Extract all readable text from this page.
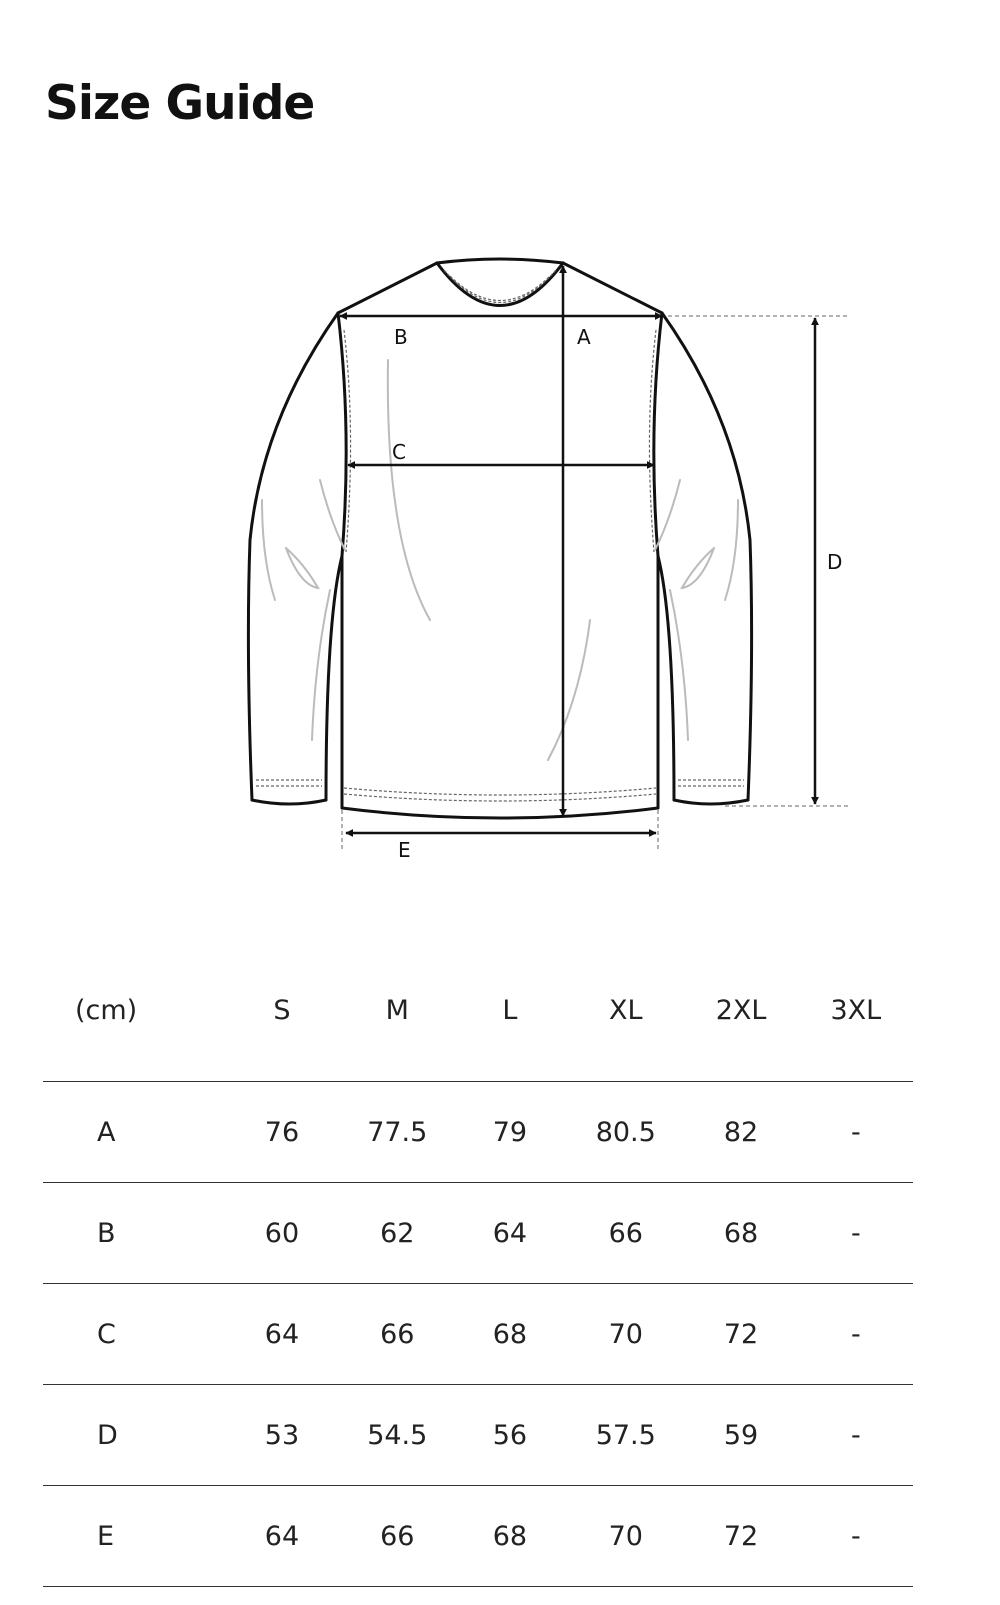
Size Guide
A
B
C
D
E
(cm)	S	M	L	XL	2XL	3XL
A	76	77.5	79	80.5	82	-
B	60	62	64	66	68	-
C	64	66	68	70	72	-
D	53	54.5	56	57.5	59	-
E	64	66	68	70	72	-
